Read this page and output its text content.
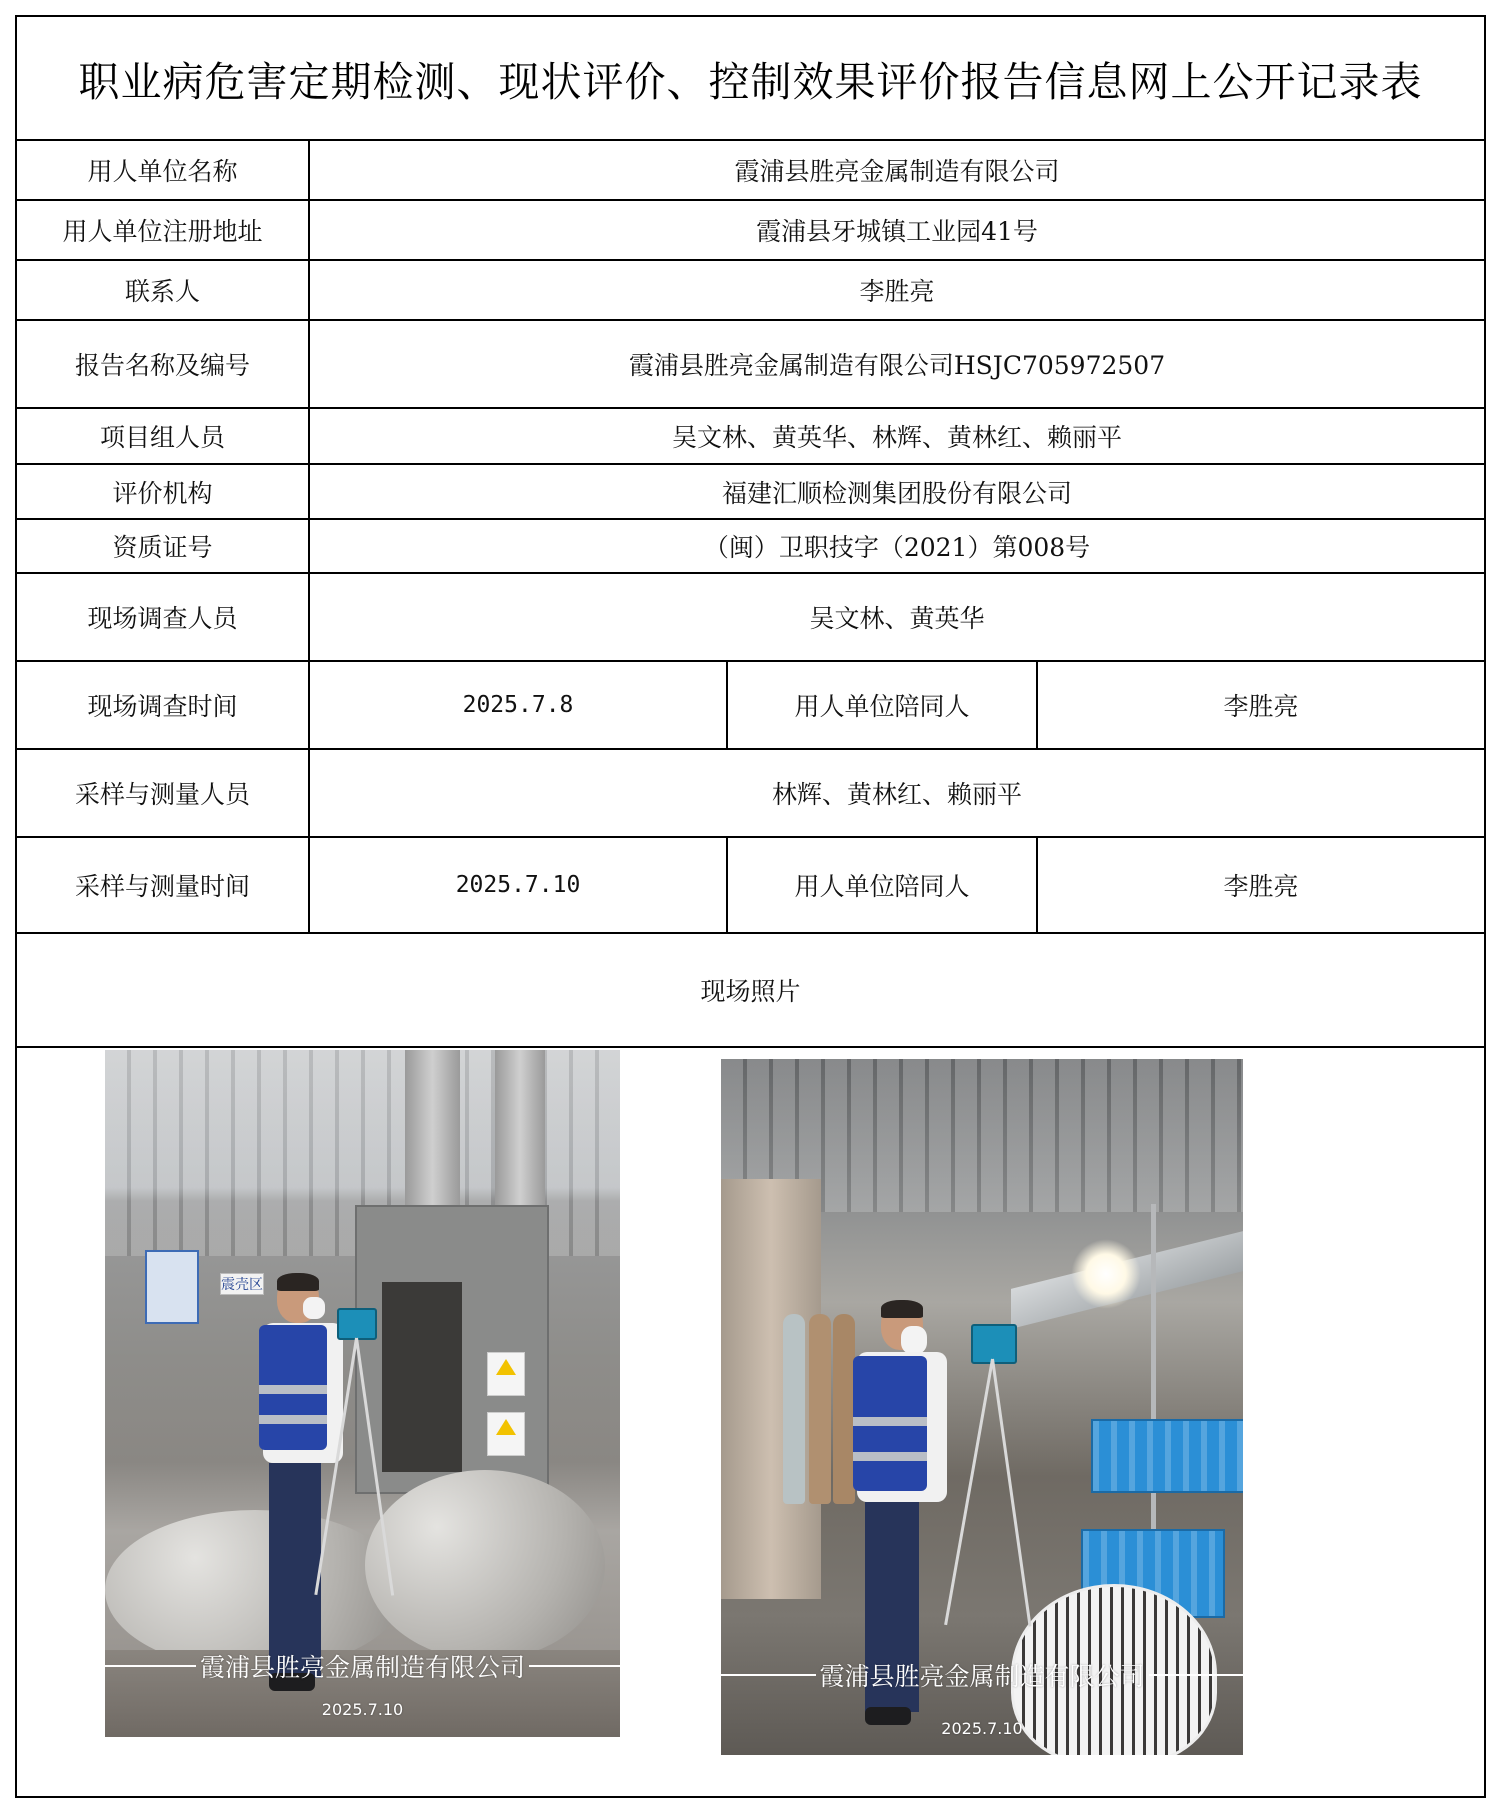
职业病危害定期检测、现状评价、控制效果评价报告信息网上公开记录表
用人单位名称	霞浦县胜亮金属制造有限公司
用人单位注册地址	霞浦县牙城镇工业园41号
联系人	李胜亮
报告名称及编号	霞浦县胜亮金属制造有限公司HSJC705972507
项目组人员	吴文林、黄英华、林辉、黄林红、赖丽平
评价机构	福建汇顺检测集团股份有限公司
资质证号	（闽）卫职技字（2021）第008号
现场调查人员	吴文林、黄英华
现场调查时间	2025.7.8	用人单位陪同人	李胜亮
采样与测量人员	林辉、黄林红、赖丽平
采样与测量时间	2025.7.10	用人单位陪同人	李胜亮
现场照片
震壳区
霞浦县胜亮金属制造有限公司
2025.7.10
霞浦县胜亮金属制造有限公司
2025.7.10
